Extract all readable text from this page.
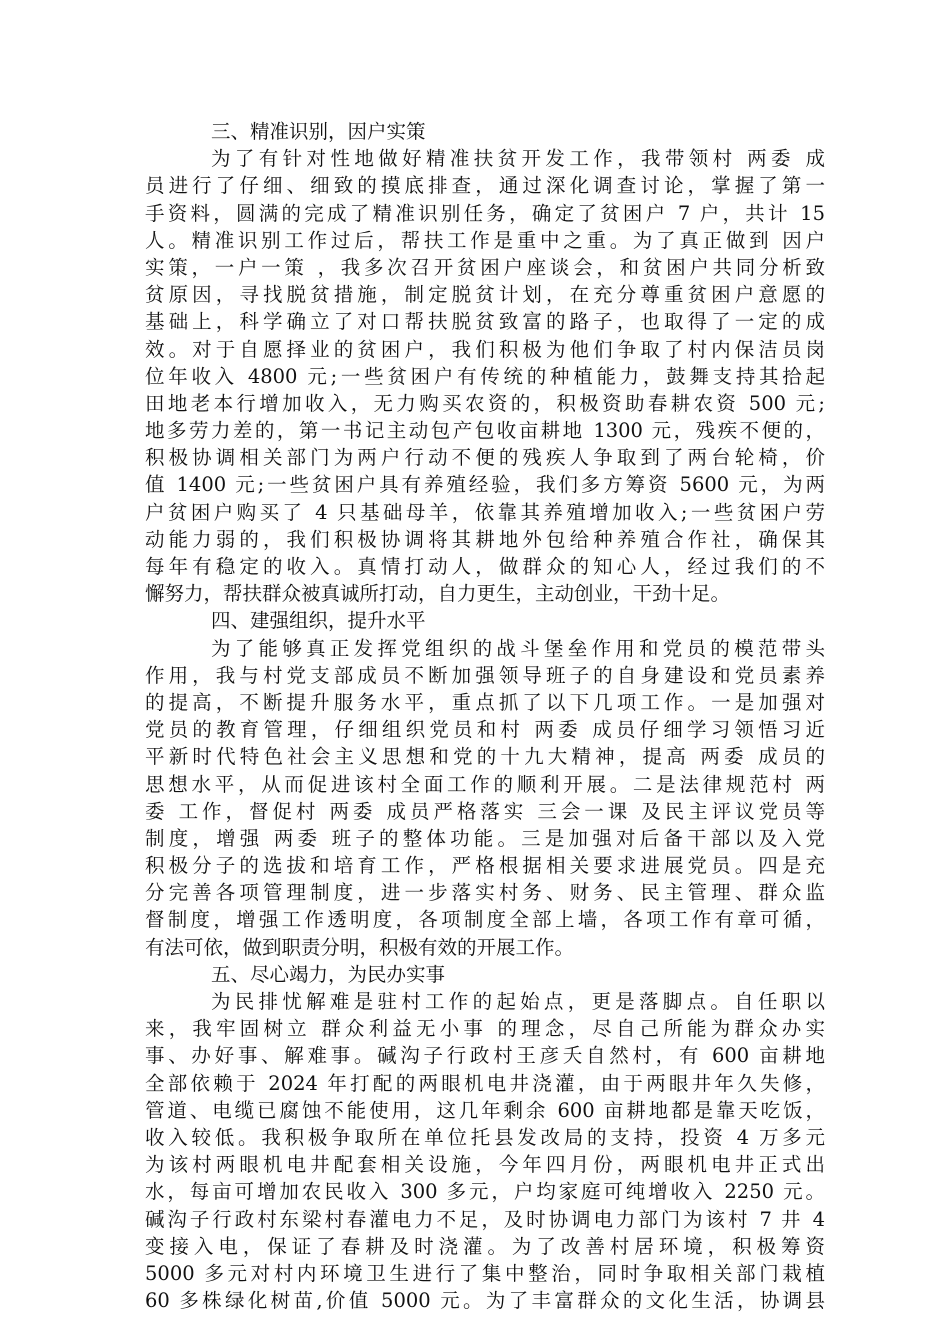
三、精准识别，因户实策
为了有针对性地做好精准扶贫开发工作，我带领村 两委 成
员进行了仔细、细致的摸底排查，通过深化调查讨论，掌握了第一
手资料，圆满的完成了精准识别任务，确定了贫困户 7 户，共计 15
人。精准识别工作过后，帮扶工作是重中之重。为了真正做到 因户
实策，一户一策 ，我多次召开贫困户座谈会，和贫困户共同分析致
贫原因，寻找脱贫措施，制定脱贫计划，在充分尊重贫困户意愿的
基础上，科学确立了对口帮扶脱贫致富的路子，也取得了一定的成
效。对于自愿择业的贫困户，我们积极为他们争取了村内保洁员岗
位年收入 4800 元;一些贫困户有传统的种植能力，鼓舞支持其拾起
田地老本行增加收入，无力购买农资的，积极资助春耕农资 500 元;
地多劳力差的，第一书记主动包产包收亩耕地 1300 元，残疾不便的，
积极协调相关部门为两户行动不便的残疾人争取到了两台轮椅，价
值 1400 元;一些贫困户具有养殖经验，我们多方筹资 5600 元，为两
户贫困户购买了 4 只基础母羊，依靠其养殖增加收入;一些贫困户劳
动能力弱的，我们积极协调将其耕地外包给种养殖合作社，确保其
每年有稳定的收入。真情打动人，做群众的知心人，经过我们的不
懈努力，帮扶群众被真诚所打动，自力更生，主动创业，干劲十足。
四、建强组织，提升水平
为了能够真正发挥党组织的战斗堡垒作用和党员的模范带头
作用，我与村党支部成员不断加强领导班子的自身建设和党员素养
的提高，不断提升服务水平，重点抓了以下几项工作。一是加强对
党员的教育管理，仔细组织党员和村 两委 成员仔细学习领悟习近
平新时代特色社会主义思想和党的十九大精神，提高 两委 成员的
思想水平，从而促进该村全面工作的顺利开展。二是法律规范村 两
委 工作，督促村 两委 成员严格落实 三会一课 及民主评议党员等
制度，增强 两委 班子的整体功能。三是加强对后备干部以及入党
积极分子的选拔和培育工作，严格根据相关要求进展党员。四是充
分完善各项管理制度，进一步落实村务、财务、民主管理、群众监
督制度，增强工作透明度，各项制度全部上墙，各项工作有章可循，
有法可依，做到职责分明，积极有效的开展工作。
五、尽心竭力，为民办实事
为民排忧解难是驻村工作的起始点，更是落脚点。自任职以
来，我牢固树立 群众利益无小事 的理念，尽自己所能为群众办实
事、办好事、解难事。碱沟子行政村王彦夭自然村，有 600 亩耕地
全部依赖于 2024 年打配的两眼机电井浇灌，由于两眼井年久失修，
管道、电缆已腐蚀不能使用，这几年剩余 600 亩耕地都是靠天吃饭，
收入较低。我积极争取所在单位托县发改局的支持，投资 4 万多元
为该村两眼机电井配套相关设施，今年四月份，两眼机电井正式出
水，每亩可增加农民收入 300 多元，户均家庭可纯增收入 2250 元。
碱沟子行政村东梁村春灌电力不足，及时协调电力部门为该村 7 井 4
变接入电，保证了春耕及时浇灌。为了改善村居环境，积极筹资
5000 多元对村内环境卫生进行了集中整治，同时争取相关部门栽植
60 多株绿化树苗,价值 5000 元。为了丰富群众的文化生活，协调县
